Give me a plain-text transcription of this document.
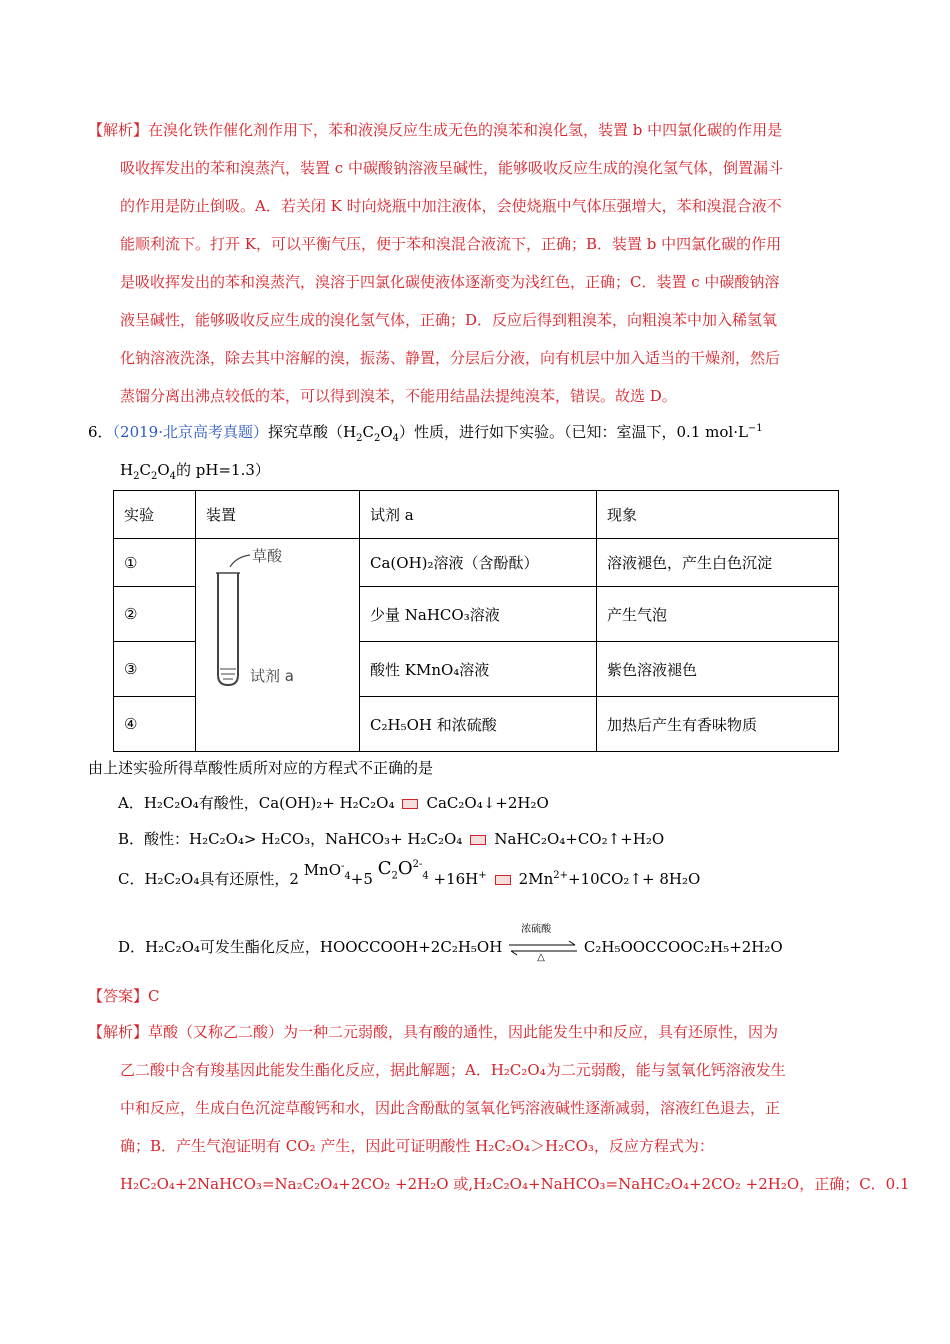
【解析】在溴化铁作催化剂作用下，苯和液溴反应生成无色的溴苯和溴化氢，装置 b 中四氯化碳的作用是
吸收挥发出的苯和溴蒸汽，装置 c 中碳酸钠溶液呈碱性，能够吸收反应生成的溴化氢气体，倒置漏斗
的作用是防止倒吸。A．若关闭 K 时向烧瓶中加注液体，会使烧瓶中气体压强增大，苯和溴混合液不
能顺利流下。打开 K，可以平衡气压，便于苯和溴混合液流下，正确；B．装置 b 中四氯化碳的作用
是吸收挥发出的苯和溴蒸汽，溴溶于四氯化碳使液体逐渐变为浅红色，正确；C．装置 c 中碳酸钠溶
液呈碱性，能够吸收反应生成的溴化氢气体，正确；D．反应后得到粗溴苯，向粗溴苯中加入稀氢氧
化钠溶液洗涤，除去其中溶解的溴，振荡、静置，分层后分液，向有机层中加入适当的干燥剂，然后
蒸馏分离出沸点较低的苯，可以得到溴苯，不能用结晶法提纯溴苯，错误。故选 D。
6．（2019·北京高考真题）探究草酸$(H_2C_2O_4)$性质，进行如下实验。（已知：室温下，0.1 $mol\cdot L^{-1}$
$H_2C_2O_4$的 pH=1.3）
实验	装置	试剂 a	现象
①		Ca(OH)₂溶液（含酚酞）	溶液褪色，产生白色沉淀
②		少量 NaHCO₃溶液	产生气泡
③		酸性 KMnO₄溶液	紫色溶液褪色
④		C₂H₅OH 和浓硫酸	加热后产生有香味物质
草酸
试剂 a
由上述实验所得草酸性质所对应的方程式不正确的是
A．H₂C₂O₄有酸性，Ca(OH)₂+ H₂C₂O₄ CaC₂O₄↓+2H₂O
B．酸性：H₂C₂O₄> H₂CO₃，NaHCO₃+ H₂C₂O₄ NaHC₂O₄+CO₂↑+H₂O
C．H₂C₂O₄具有还原性，2 MnO-$_4$+5 $C_2O^{2-}_4 +16H^+$ $2Mn^{2+}+10CO_2↑+ 8H_2O$
D．H₂C₂O₄可发生酯化反应，HOOCCOOH+2C₂H₅OH
浓硫酸
△
C₂H₅OOCCOOC₂H₅+2H₂O
【答案】C
【解析】草酸（又称乙二酸）为一种二元弱酸，具有酸的通性，因此能发生中和反应，具有还原性，因为
乙二酸中含有羧基因此能发生酯化反应，据此解题；A．H₂C₂O₄为二元弱酸，能与氢氧化钙溶液发生
中和反应，生成白色沉淀草酸钙和水，因此含酚酞的氢氧化钙溶液碱性逐渐减弱，溶液红色退去，正
确；B．产生气泡证明有 CO₂ 产生，因此可证明酸性 H₂C₂O₄＞H₂CO₃，反应方程式为：
H₂C₂O₄+2NaHCO₃=Na₂C₂O₄+2CO₂ +2H₂O 或,H₂C₂O₄+NaHCO₃=NaHC₂O₄+2CO₂ +2H₂O，正确；C．0.1
